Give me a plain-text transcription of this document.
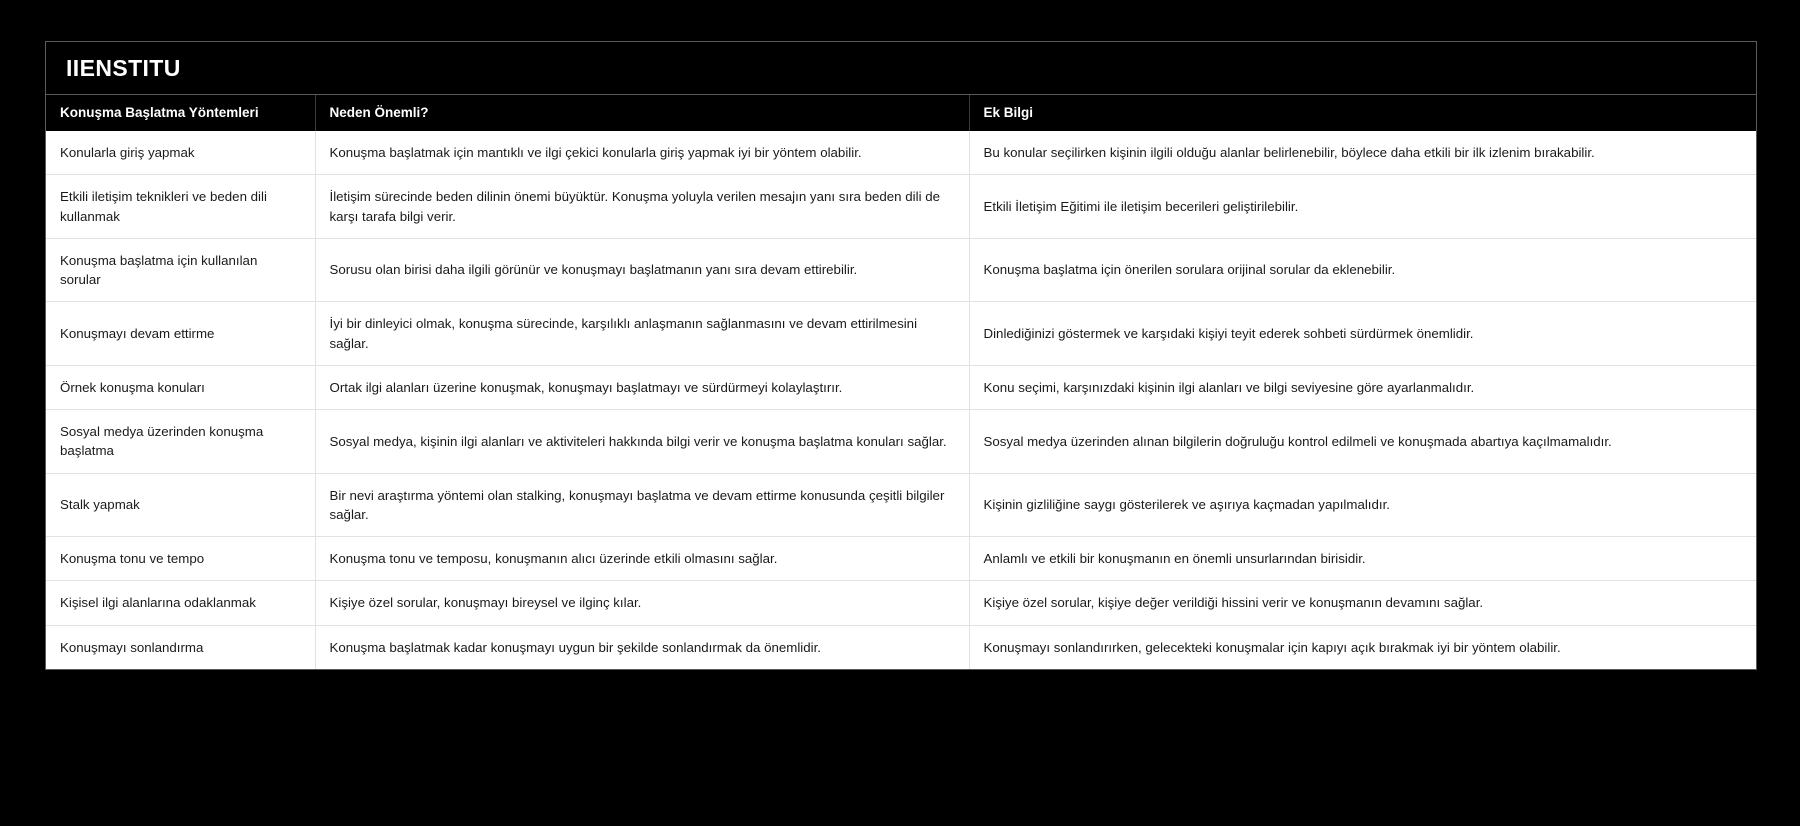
IIENSTITU
Konuşma Başlatma Yöntemleri	Neden Önemli?	Ek Bilgi
Konularla giriş yapmak	Konuşma başlatmak için mantıklı ve ilgi çekici konularla giriş yapmak iyi bir yöntem olabilir.	Bu konular seçilirken kişinin ilgili olduğu alanlar belirlenebilir, böylece daha etkili bir ilk izlenim bırakabilir.
Etkili iletişim teknikleri ve beden dili kullanmak	İletişim sürecinde beden dilinin önemi büyüktür. Konuşma yoluyla verilen mesajın yanı sıra beden dili de karşı tarafa bilgi verir.	Etkili İletişim Eğitimi ile iletişim becerileri geliştirilebilir.
Konuşma başlatma için kullanılan sorular	Sorusu olan birisi daha ilgili görünür ve konuşmayı başlatmanın yanı sıra devam ettirebilir.	Konuşma başlatma için önerilen sorulara orijinal sorular da eklenebilir.
Konuşmayı devam ettirme	İyi bir dinleyici olmak, konuşma sürecinde, karşılıklı anlaşmanın sağlanmasını ve devam ettirilmesini sağlar.	Dinlediğinizi göstermek ve karşıdaki kişiyi teyit ederek sohbeti sürdürmek önemlidir.
Örnek konuşma konuları	Ortak ilgi alanları üzerine konuşmak, konuşmayı başlatmayı ve sürdürmeyi kolaylaştırır.	Konu seçimi, karşınızdaki kişinin ilgi alanları ve bilgi seviyesine göre ayarlanmalıdır.
Sosyal medya üzerinden konuşma başlatma	Sosyal medya, kişinin ilgi alanları ve aktiviteleri hakkında bilgi verir ve konuşma başlatma konuları sağlar.	Sosyal medya üzerinden alınan bilgilerin doğruluğu kontrol edilmeli ve konuşmada abartıya kaçılmamalıdır.
Stalk yapmak	Bir nevi araştırma yöntemi olan stalking, konuşmayı başlatma ve devam ettirme konusunda çeşitli bilgiler sağlar.	Kişinin gizliliğine saygı gösterilerek ve aşırıya kaçmadan yapılmalıdır.
Konuşma tonu ve tempo	Konuşma tonu ve temposu, konuşmanın alıcı üzerinde etkili olmasını sağlar.	Anlamlı ve etkili bir konuşmanın en önemli unsurlarından birisidir.
Kişisel ilgi alanlarına odaklanmak	Kişiye özel sorular, konuşmayı bireysel ve ilginç kılar.	Kişiye özel sorular, kişiye değer verildiği hissini verir ve konuşmanın devamını sağlar.
Konuşmayı sonlandırma	Konuşma başlatmak kadar konuşmayı uygun bir şekilde sonlandırmak da önemlidir.	Konuşmayı sonlandırırken, gelecekteki konuşmalar için kapıyı açık bırakmak iyi bir yöntem olabilir.
